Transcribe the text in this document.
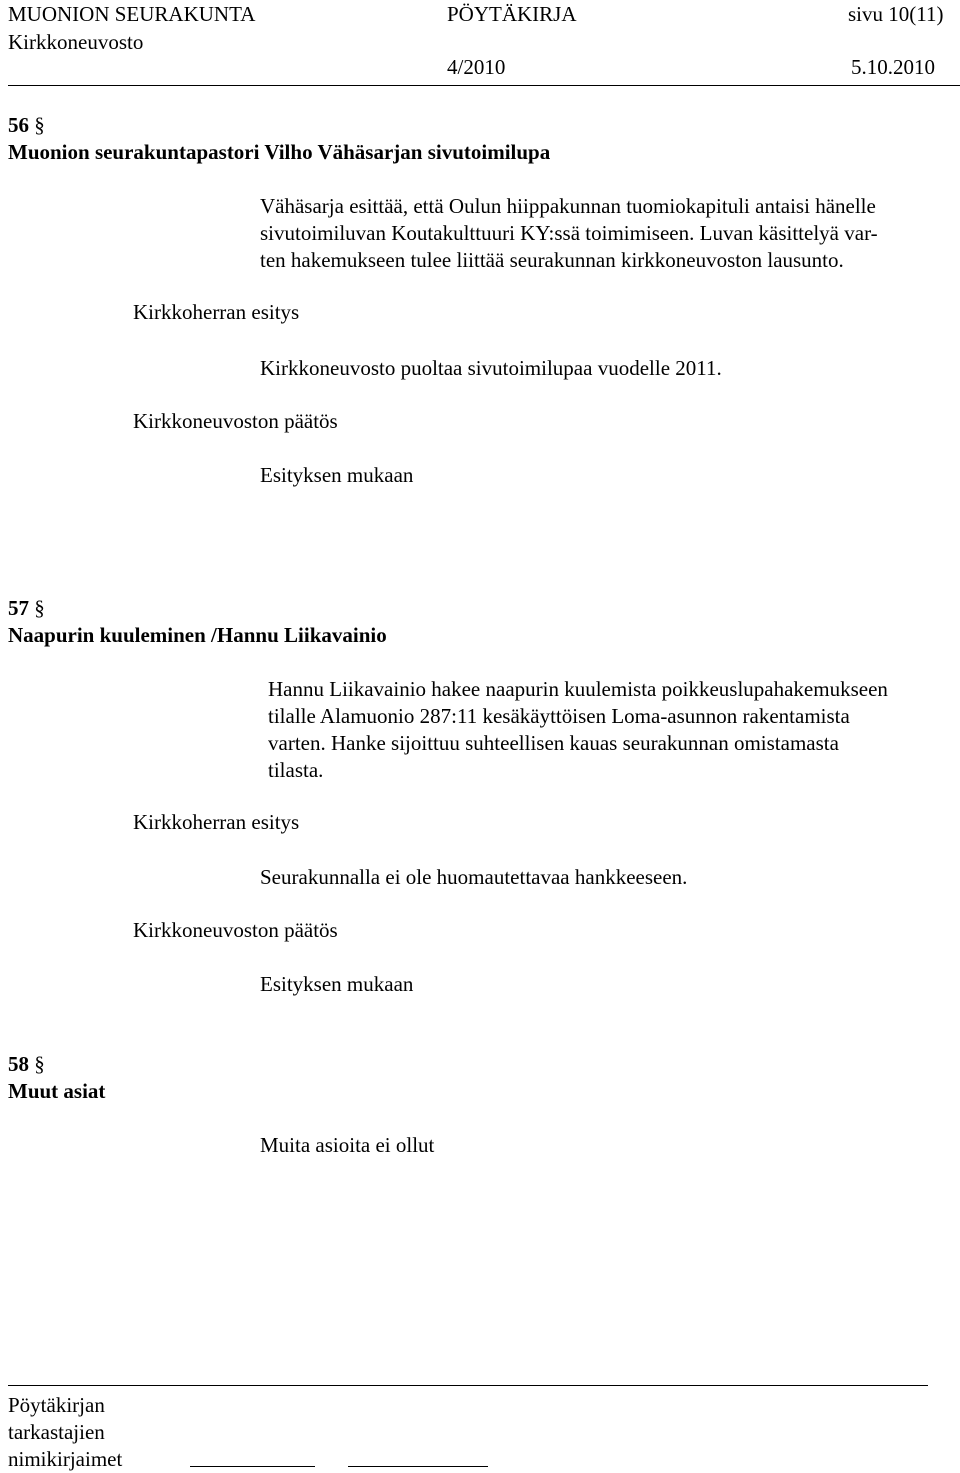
MUONION SEURAKUNTA	PÖYTÄKIRJA	sivu 10(11)
Kirkkoneuvosto
4/2010	5.10.2010
56 §
Muonion seurakuntapastori Vilho Vähäsarjan sivutoimilupa
Vähäsarja esittää, että Oulun hiippakunnan tuomiokapituli antaisi hänelle
sivutoimiluvan Koutakulttuuri KY:ssä toimimiseen. Luvan käsittelyä var-
ten hakemukseen tulee liittää seurakunnan kirkkoneuvoston lausunto.
Kirkkoherran esitys
Kirkkoneuvosto puoltaa sivutoimilupaa vuodelle 2011.
Kirkkoneuvoston päätös
Esityksen mukaan
57 §
Naapurin kuuleminen /Hannu Liikavainio
Hannu Liikavainio hakee naapurin kuulemista poikkeuslupahakemukseen
tilalle Alamuonio 287:11 kesäkäyttöisen Loma-asunnon rakentamista
varten. Hanke sijoittuu suhteellisen kauas seurakunnan omistamasta
tilasta.
Kirkkoherran esitys
Seurakunnalla ei ole huomautettavaa hankkeeseen.
Kirkkoneuvoston päätös
Esityksen mukaan
58 §
Muut asiat
Muita asioita ei ollut
Pöytäkirjan
tarkastajien
nimikirjaimet
